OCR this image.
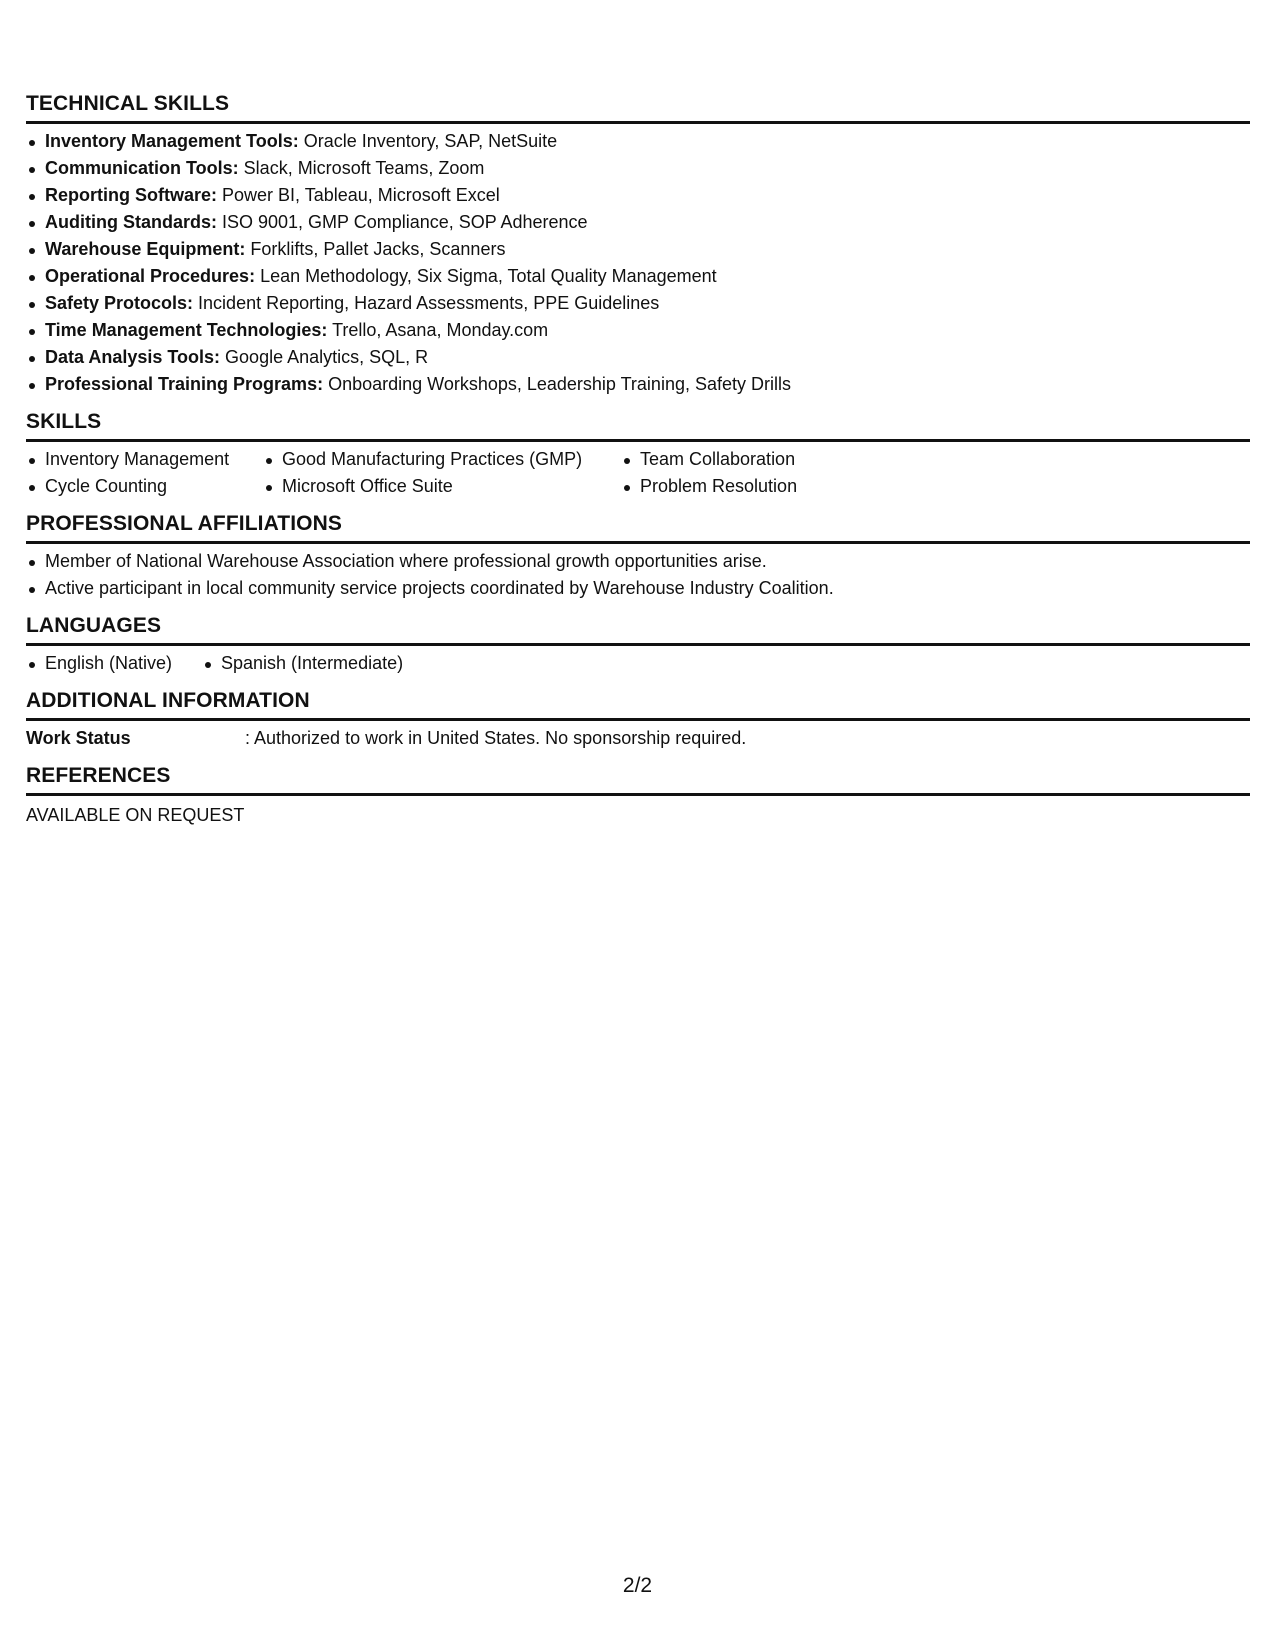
TECHNICAL SKILLS
Inventory Management Tools: Oracle Inventory, SAP, NetSuite
Communication Tools: Slack, Microsoft Teams, Zoom
Reporting Software: Power BI, Tableau, Microsoft Excel
Auditing Standards: ISO 9001, GMP Compliance, SOP Adherence
Warehouse Equipment: Forklifts, Pallet Jacks, Scanners
Operational Procedures: Lean Methodology, Six Sigma, Total Quality Management
Safety Protocols: Incident Reporting, Hazard Assessments, PPE Guidelines
Time Management Technologies: Trello, Asana, Monday.com
Data Analysis Tools: Google Analytics, SQL, R
Professional Training Programs: Onboarding Workshops, Leadership Training, Safety Drills
SKILLS
Inventory Management
Cycle Counting
Good Manufacturing Practices (GMP)
Microsoft Office Suite
Team Collaboration
Problem Resolution
PROFESSIONAL AFFILIATIONS
Member of National Warehouse Association where professional growth opportunities arise.
Active participant in local community service projects coordinated by Warehouse Industry Coalition.
LANGUAGES
English (Native)	Spanish (Intermediate)
ADDITIONAL INFORMATION
Work Status	: Authorized to work in United States. No sponsorship required.
REFERENCES
AVAILABLE ON REQUEST
2/2
